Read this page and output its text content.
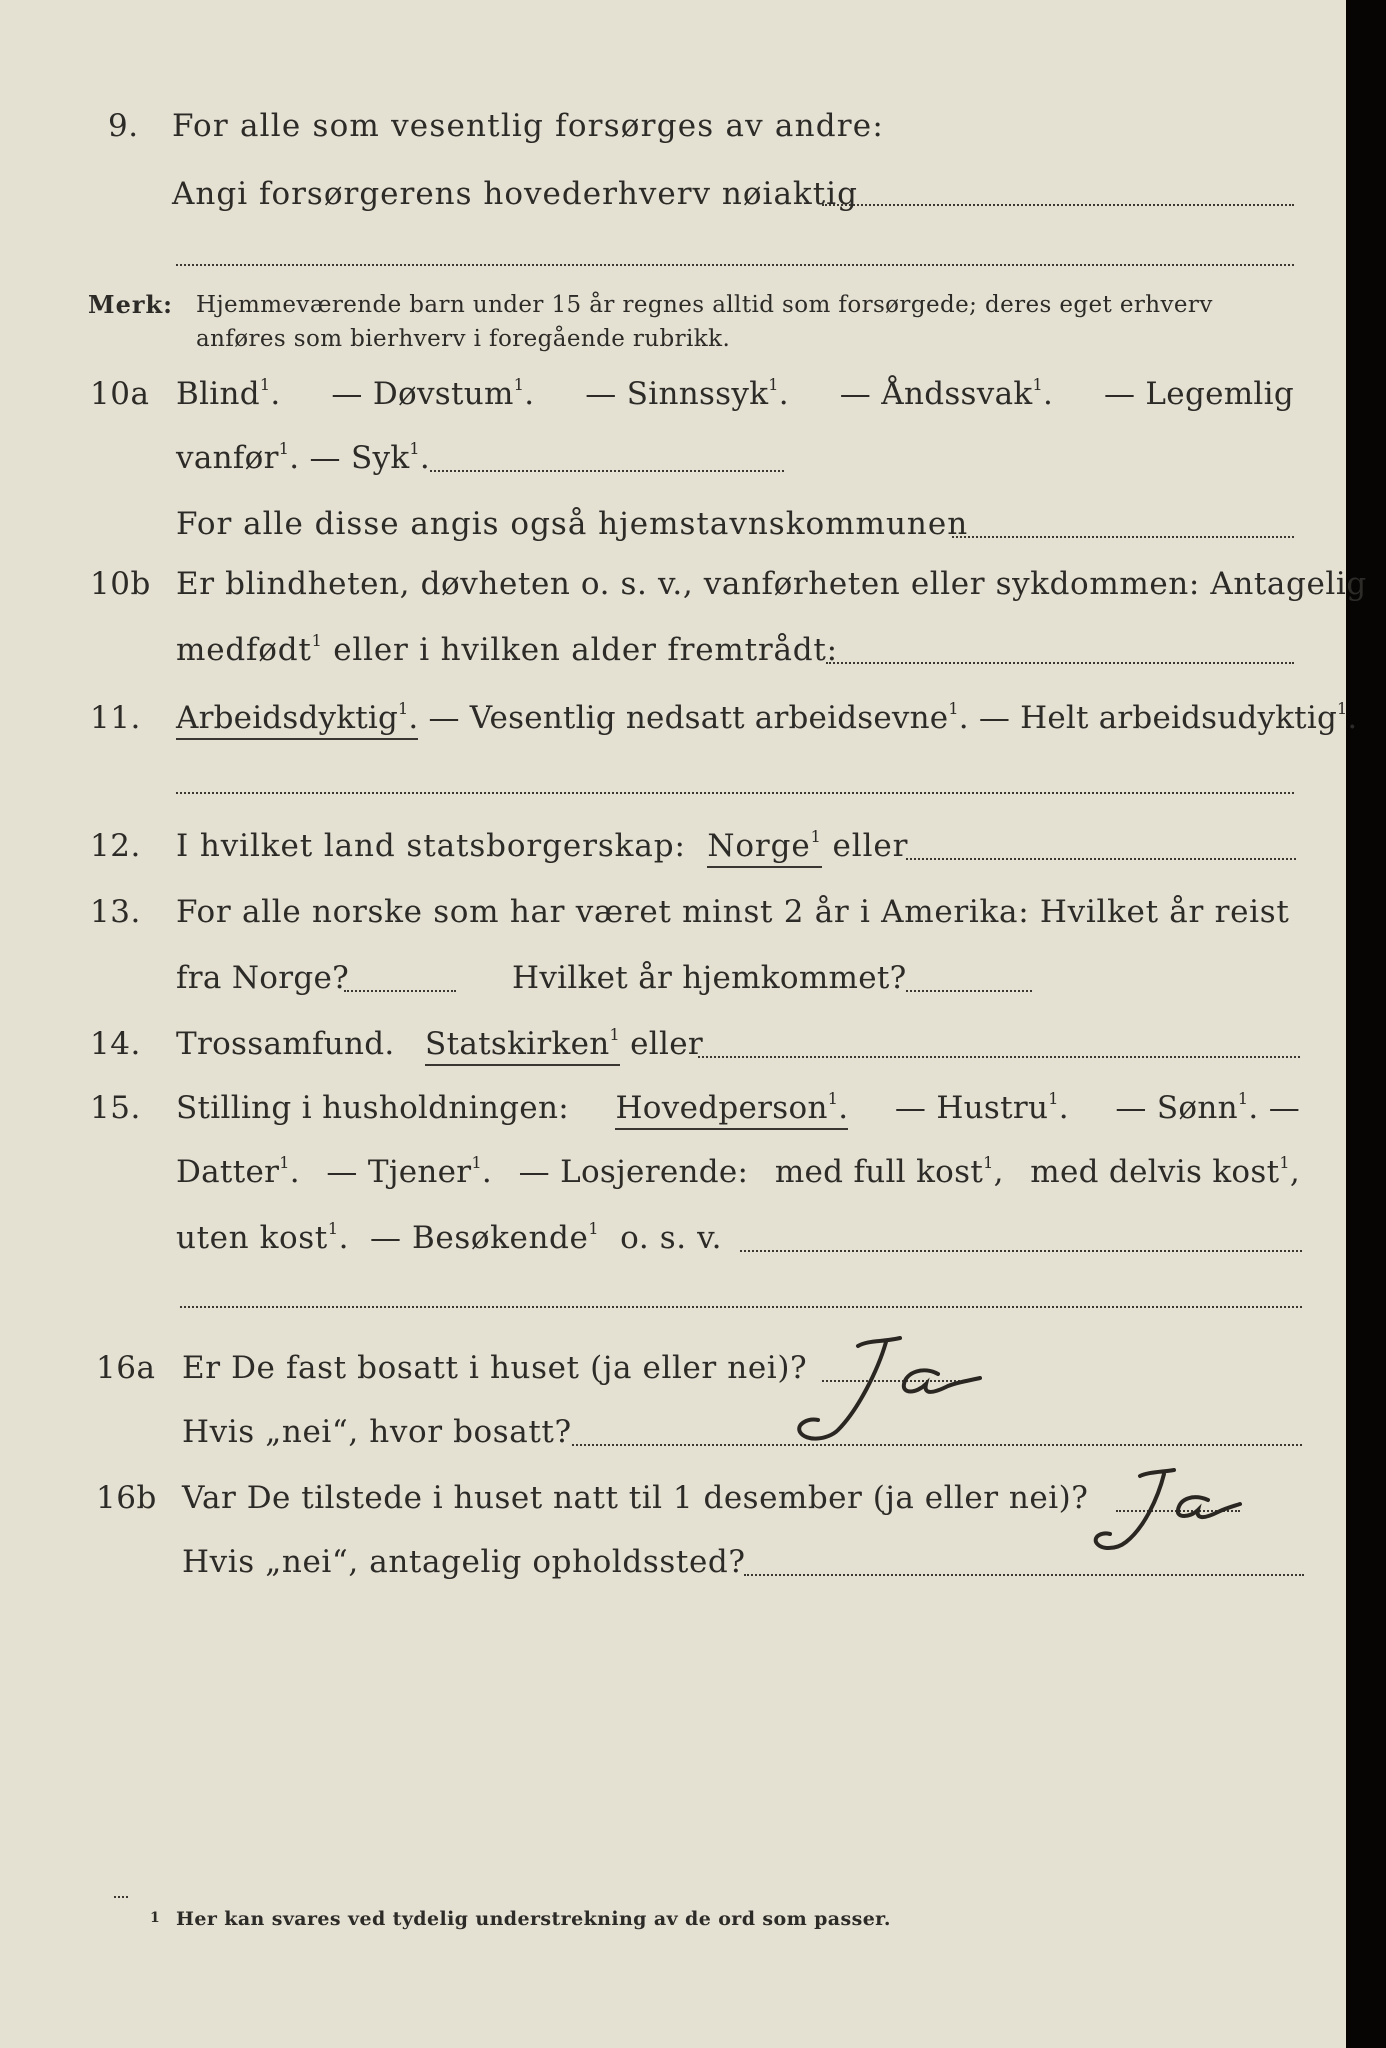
9. For alle som vesentlig forsørges av andre:
Angi forsørgerens hovederhverv nøiaktig
Merk: Hjemmeværende barn under 15 år regnes alltid som forsørgede; deres eget erhverv
anføres som bierhverv i foregående rubrikk.
10a Blind$^1$. — Døvstum$^1$. — Sinnssyk$^1$. — Åndssvak$^1$. — Legemlig
vanfør$^1$. — Syk$^1$.
For alle disse angis også hjemstavnskommunen
10b Er blindheten, døvheten o. s. v., vanførheten eller sykdommen: Antagelig
medfødt$^1$ eller i hvilken alder fremtrådt:
11. Arbeidsdyktig$^1$. — Vesentlig nedsatt arbeidsevne$^1$. — Helt arbeidsudyktig$^1$.
12. I hvilket land statsborgerskap: Norge$^1$ eller
13. For alle norske som har været minst 2 år i Amerika: Hvilket år reist
fra Norge?	Hvilket år hjemkommet?
14. Trossamfund. Statskirken$^1$ eller
15. Stilling i husholdningen: Hovedperson$^1$. — Hustru$^1$. — Sønn$^1$. —
Datter$^1$. — Tjener$^1$. — Losjerende: med full kost$^1$, med delvis kost$^1$,
uten kost$^1$.  — Besøkende$^1$ o. s. v.
16a Er De fast bosatt i huset (ja eller nei)?
Hvis „nei“, hvor bosatt?
16b Var De tilstede i huset natt til 1 desember (ja eller nei)?
Hvis „nei“, antagelig opholdssted?
1 Her kan svares ved tydelig understrekning av de ord som passer.
